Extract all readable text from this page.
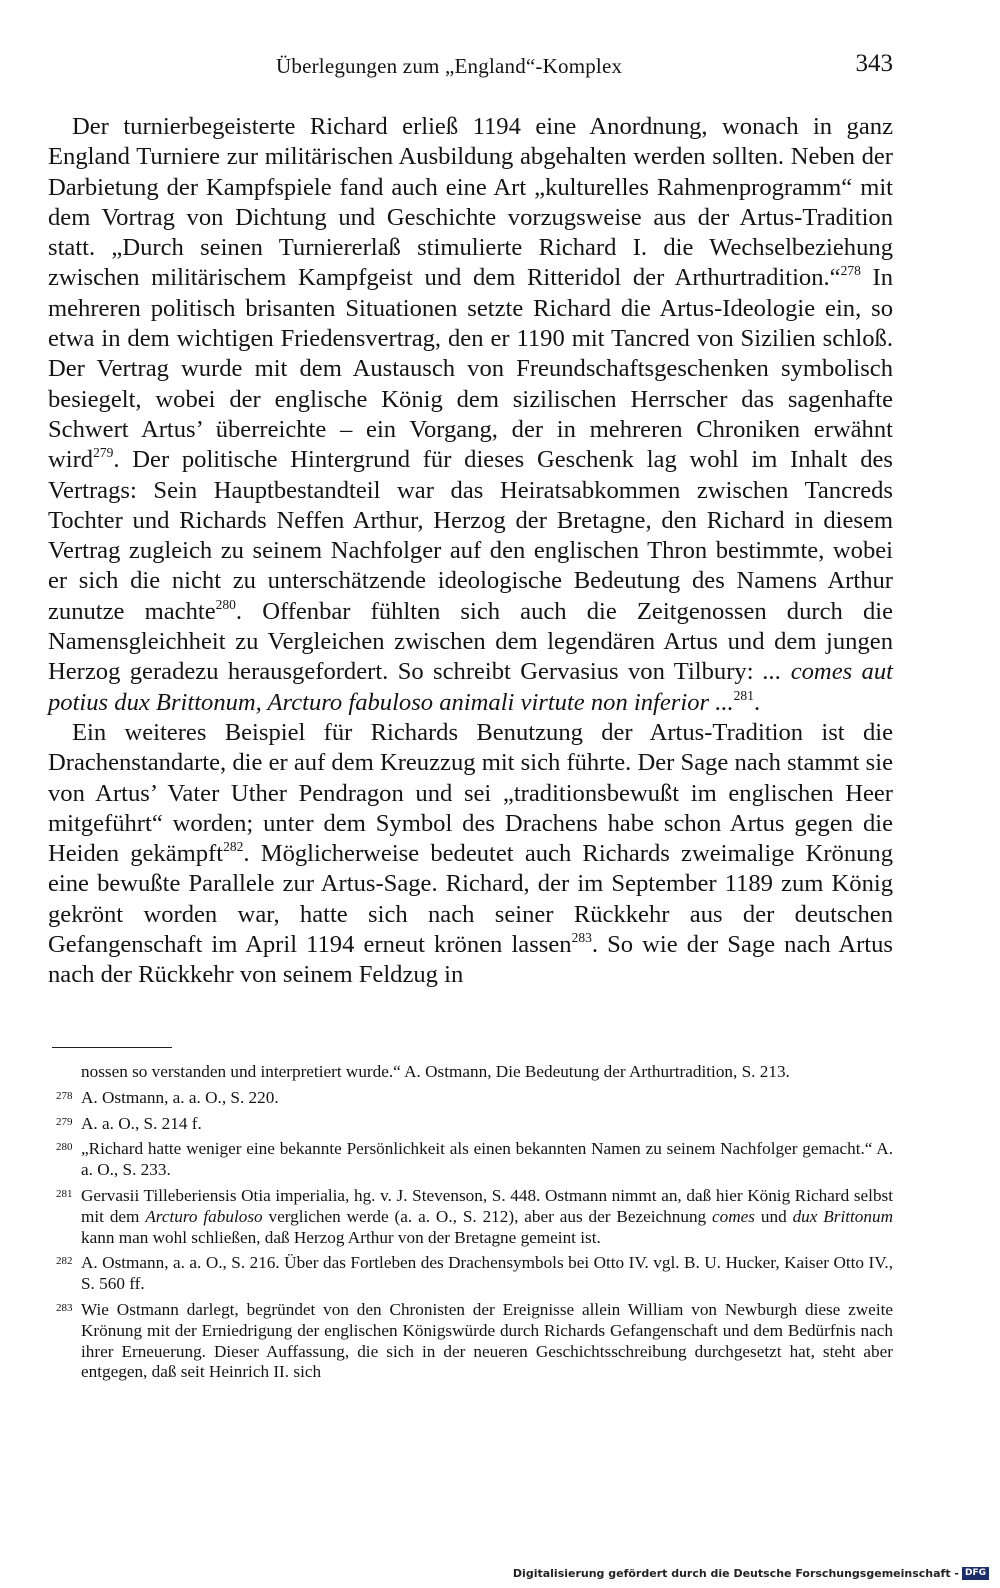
Überlegungen zum „England“-Komplex	343

Der turnierbegeisterte Richard erließ 1194 eine Anordnung, wonach in ganz England Turniere zur militärischen Ausbildung abgehalten werden sollten. Neben der Darbietung der Kampfspiele fand auch eine Art „kulturelles Rahmenprogramm“ mit dem Vortrag von Dichtung und Geschichte vorzugsweise aus der Artus-Tradition statt. „Durch seinen Turniererlaß stimulierte Richard I. die Wechselbeziehung zwischen militärischem Kampfgeist und dem Ritteridol der Arthurtradition.“$^{278}$ In mehreren politisch brisanten Situationen setzte Richard die Artus-Ideologie ein, so etwa in dem wichtigen Friedensvertrag, den er 1190 mit Tancred von Sizilien schloß. Der Vertrag wurde mit dem Austausch von Freundschaftsgeschenken symbolisch besiegelt, wobei der englische König dem sizilischen Herrscher das sagenhafte Schwert Artus’ überreichte – ein Vorgang, der in mehreren Chroniken erwähnt wird$^{279}$. Der politische Hintergrund für dieses Geschenk lag wohl im Inhalt des Vertrags: Sein Hauptbestandteil war das Heiratsabkommen zwischen Tancreds Tochter und Richards Neffen Arthur, Herzog der Bretagne, den Richard in diesem Vertrag zugleich zu seinem Nachfolger auf den englischen Thron bestimmte, wobei er sich die nicht zu unterschätzende ideologische Bedeutung des Namens Arthur zunutze machte$^{280}$. Offenbar fühlten sich auch die Zeitgenossen durch die Namensgleichheit zu Vergleichen zwischen dem legendären Artus und dem jungen Herzog geradezu herausgefordert. So schreibt Gervasius von Tilbury: ... comes aut potius dux Brittonum, Arcturo fabuloso animali virtute non inferior ...$^{281}$.

Ein weiteres Beispiel für Richards Benutzung der Artus-Tradition ist die Drachenstandarte, die er auf dem Kreuzzug mit sich führte. Der Sage nach stammt sie von Artus’ Vater Uther Pendragon und sei „traditionsbewußt im englischen Heer mitgeführt“ worden; unter dem Symbol des Drachens habe schon Artus gegen die Heiden gekämpft$^{282}$. Möglicherweise bedeutet auch Richards zweimalige Krönung eine bewußte Parallele zur Artus-Sage. Richard, der im September 1189 zum König gekrönt worden war, hatte sich nach seiner Rückkehr aus der deutschen Gefangenschaft im April 1194 erneut krönen lassen$^{283}$. So wie der Sage nach Artus nach der Rückkehr von seinem Feldzug in

nossen so verstanden und interpretiert wurde.“ A. Ostmann, Die Bedeutung der Arthurtradition, S. 213.
278 A. Ostmann, a. a. O., S. 220.
279 A. a. O., S. 214 f.
280 „Richard hatte weniger eine bekannte Persönlichkeit als einen bekannten Namen zu seinem Nachfolger gemacht.“ A. a. O., S. 233.
281 Gervasii Tilleberiensis Otia imperialia, hg. v. J. Stevenson, S. 448. Ostmann nimmt an, daß hier König Richard selbst mit dem Arcturo fabuloso verglichen werde (a. a. O., S. 212), aber aus der Bezeichnung comes und dux Brittonum kann man wohl schließen, daß Herzog Arthur von der Bretagne gemeint ist.
282 A. Ostmann, a. a. O., S. 216. Über das Fortleben des Drachensymbols bei Otto IV. vgl. B. U. Hucker, Kaiser Otto IV., S. 560 ff.
283 Wie Ostmann darlegt, begründet von den Chronisten der Ereignisse allein William von Newburgh diese zweite Krönung mit der Erniedrigung der englischen Königswürde durch Richards Gefangenschaft und dem Bedürfnis nach ihrer Erneuerung. Dieser Auffassung, die sich in der neueren Geschichtsschreibung durchgesetzt hat, steht aber entgegen, daß seit Heinrich II. sich
Digitalisierung gefördert durch die Deutsche Forschungsgemeinschaft - DFG
